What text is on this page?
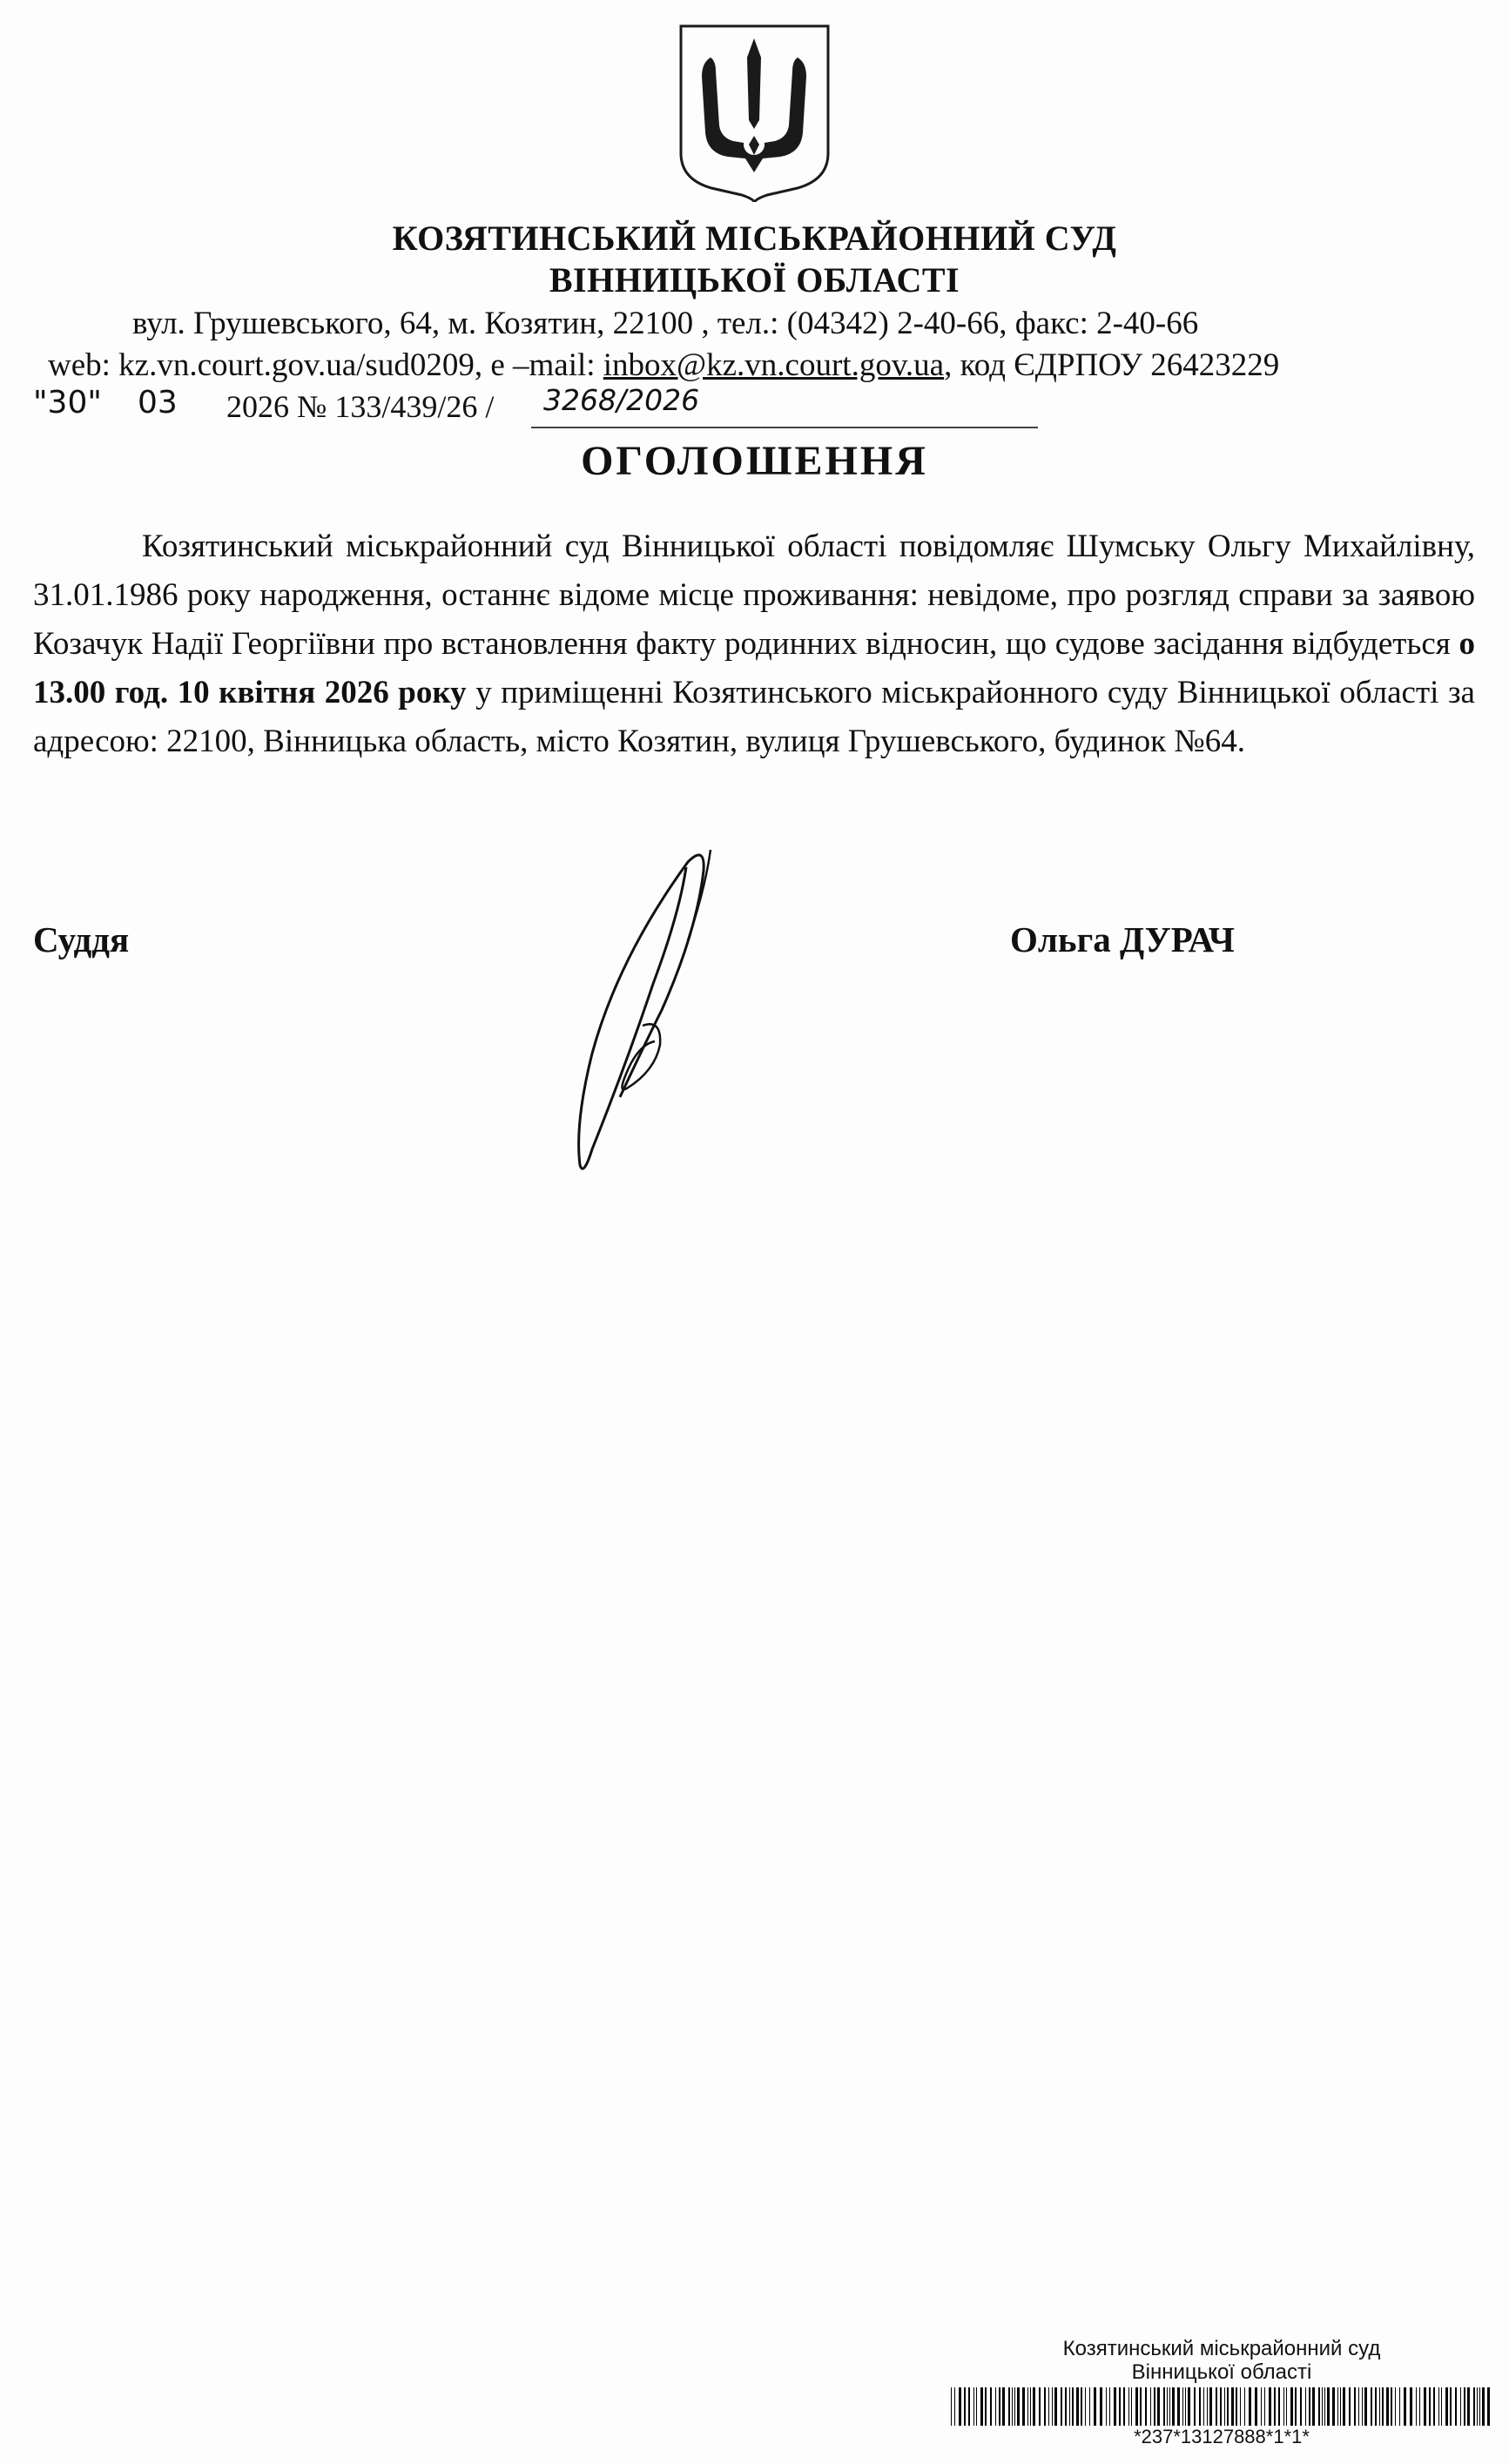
КОЗЯТИНСЬКИЙ МІСЬКРАЙОННИЙ СУД
ВІННИЦЬКОЇ ОБЛАСТІ
вул. Грушевського, 64, м. Козятин, 22100 , тел.: (04342) 2-40-66, факс: 2-40-66
web: kz.vn.court.gov.ua/sud0209, e –mail: inbox@kz.vn.court.gov.ua, код ЄДРПОУ 26423229
"30" 03 2026 № 133/439/26 / 3268/2026
ОГОЛОШЕННЯ
Козятинський міськрайонний суд Вінницької області повідомляє Шумську Ольгу Михайлівну, 31.01.1986 року народження, останнє відоме місце проживання: невідоме, про розгляд справи за заявою Козачук Надії Георгіївни про встановлення факту родинних відносин, що судове засідання відбудеться о 13.00 год. 10 квітня 2026 року у приміщенні Козятинського міськрайонного суду Вінницької області за адресою: 22100, Вінницька область, місто Козятин, вулиця Грушевського, будинок №64.
Суддя	Ольга ДУРАЧ
Козятинський міськрайонний суд
Вінницької області
*237*13127888*1*1*
